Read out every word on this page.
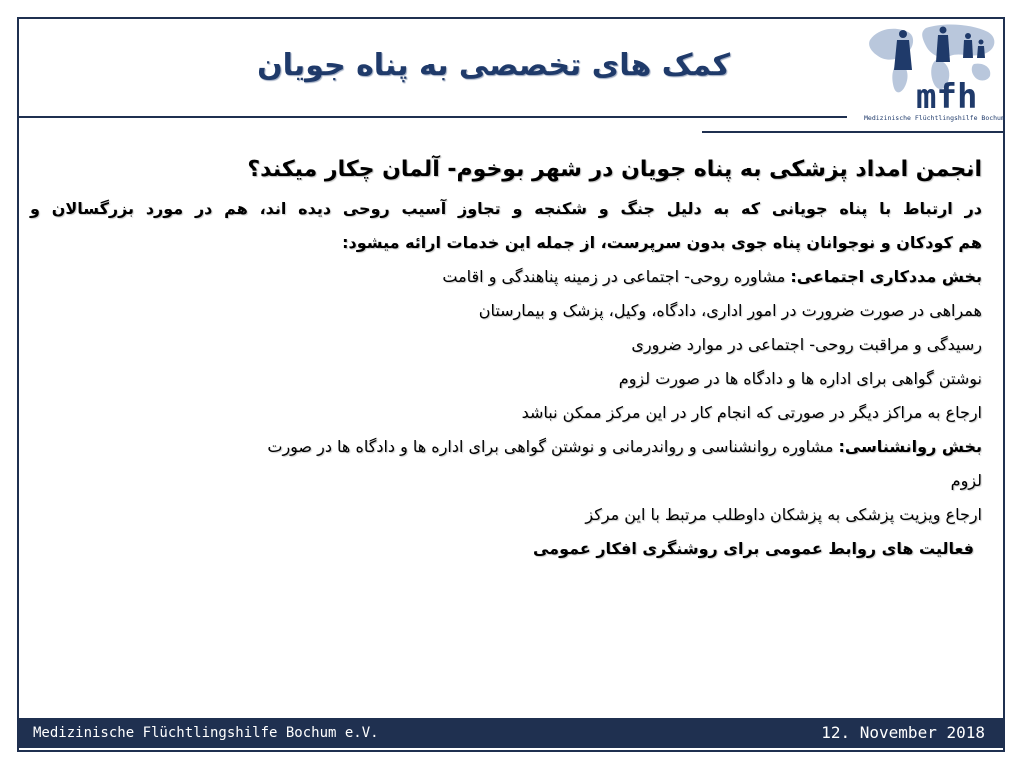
کمک های تخصصی به پناه جویان
mfh
Medizinische Flüchtlingshilfe Bochum
انجمن امداد پزشکی به پناه جویان در شهر بوخوم- آلمان چکار میکند؟
در ارتباط با پناه جویانی که به دلیل جنگ و شکنجه و تجاوز آسیب روحی دیده اند، هم در مورد بزرگسالان و
هم کودکان و نوجوانان پناه جوی بدون سرپرست، از جمله این خدمات ارائه میشود:
بخش مددکاری اجتماعی: مشاوره روحی- اجتماعی در زمینه پناهندگی و اقامت
همراهی در صورت ضرورت در امور اداری، دادگاه، وکیل، پزشک و بیمارستان
رسیدگی و مراقبت روحی- اجتماعی در موارد ضروری
نوشتن گواهی برای اداره ها و دادگاه ها در صورت لزوم
ارجاع به مراکز دیگر در صورتی که انجام کار در این مرکز ممکن نباشد
بخش روانشناسی: مشاوره روانشناسی و رواندرمانی و نوشتن گواهی برای اداره ها و دادگاه ها در صورت
لزوم
ارجاع ویزیت پزشکی به پزشکان داوطلب مرتبط با این مرکز
فعالیت های روابط عمومی برای روشنگری افکار عمومی
Medizinische Flüchtlingshilfe Bochum e.V.	12. November 2018
